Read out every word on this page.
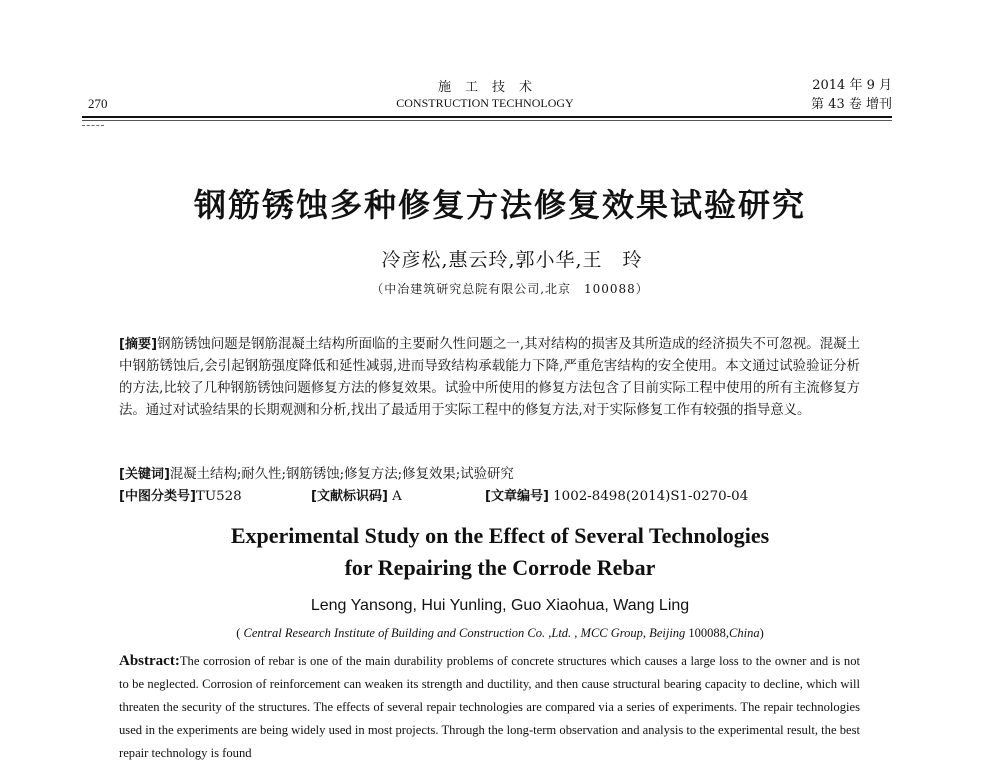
270
施工技术
CONSTRUCTION TECHNOLOGY
2014 年 9 月
第 43 卷 增刊
钢筋锈蚀多种修复方法修复效果试验研究
冷彦松,惠云玲,郭小华,王　玲
（中冶建筑研究总院有限公司,北京　100088）
[摘要]钢筋锈蚀问题是钢筋混凝土结构所面临的主要耐久性问题之一,其对结构的损害及其所造成的经济损失不可忽视。混凝土中钢筋锈蚀后,会引起钢筋强度降低和延性减弱,进而导致结构承载能力下降,严重危害结构的安全使用。本文通过试验验证分析的方法,比较了几种钢筋锈蚀问题修复方法的修复效果。试验中所使用的修复方法包含了目前实际工程中使用的所有主流修复方法。通过对试验结果的长期观测和分析,找出了最适用于实际工程中的修复方法,对于实际修复工作有较强的指导意义。
[关键词]混凝土结构;耐久性;钢筋锈蚀;修复方法;修复效果;试验研究
[中图分类号]TU528	[文献标识码] A	[文章编号] 1002-8498(2014)S1-0270-04
Experimental Study on the Effect of Several Technologies
for Repairing the Corrode Rebar
Leng Yansong, Hui Yunling, Guo Xiaohua, Wang Ling
( Central Research Institute of Building and Construction Co. ,Ltd. , MCC Group, Beijing 100088,China)
Abstract:The corrosion of rebar is one of the main durability problems of concrete structures which causes a large loss to the owner and is not to be neglected. Corrosion of reinforcement can weaken its strength and ductility, and then cause structural bearing capacity to decline, which will threaten the security of the structures. The effects of several repair technologies are compared via a series of experiments. The repair technologies used in the experiments are being widely used in most projects. Through the long-term observation and analysis to the experimental result, the best repair technology is found
